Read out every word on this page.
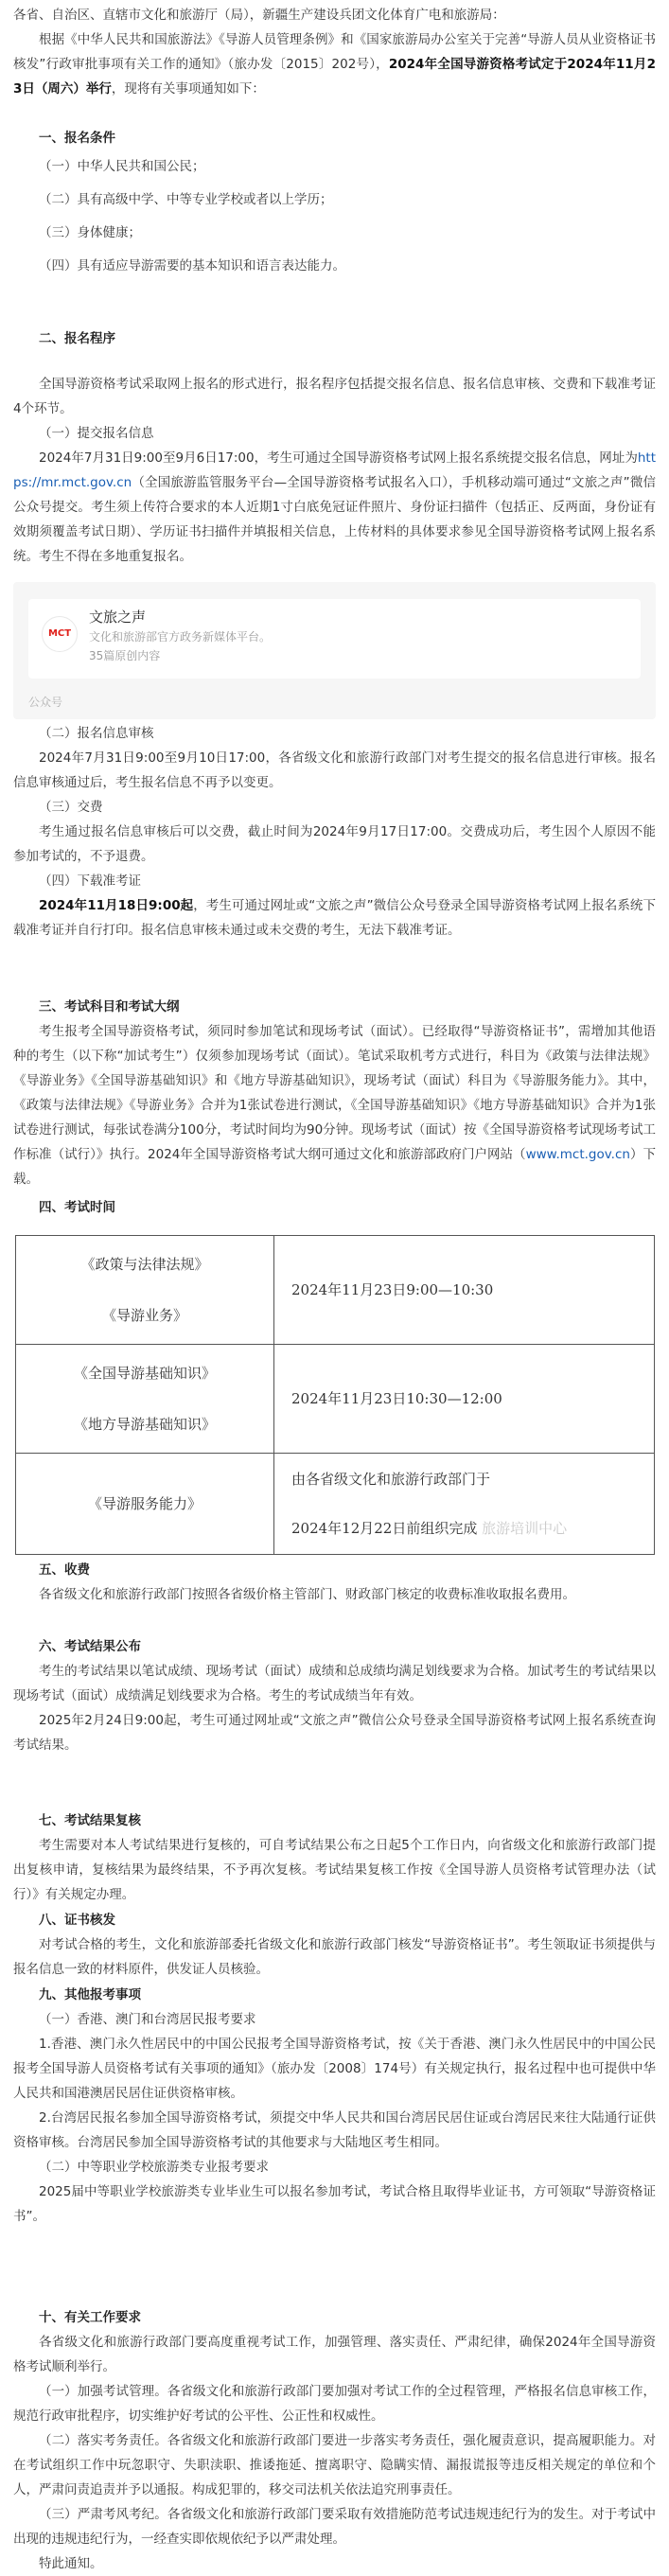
各省、自治区、直辖市文化和旅游厅（局），新疆生产建设兵团文化体育广电和旅游局：

根据《中华人民共和国旅游法》《导游人员管理条例》和《国家旅游局办公室关于完善“导游人员从业资格证书核发”行政审批事项有关工作的通知》（旅办发〔2015〕202号），2024年全国导游资格考试定于2024年11月23日（周六）举行，现将有关事项通知如下：

一、报名条件

（一）中华人民共和国公民；

（二）具有高级中学、中等专业学校或者以上学历；

（三）身体健康；

（四）具有适应导游需要的基本知识和语言表达能力。

二、报名程序

全国导游资格考试采取网上报名的形式进行，报名程序包括提交报名信息、报名信息审核、交费和下载准考证4个环节。

（一）提交报名信息

2024年7月31日9:00至9月6日17:00，考生可通过全国导游资格考试网上报名系统提交报名信息，网址为https://mr.mct.gov.cn（全国旅游监管服务平台—全国导游资格考试报名入口），手机移动端可通过“文旅之声”微信公众号提交。考生须上传符合要求的本人近期1寸白底免冠证件照片、身份证扫描件（包括正、反两面，身份证有效期须覆盖考试日期）、学历证书扫描件并填报相关信息，上传材料的具体要求参见全国导游资格考试网上报名系统。考生不得在多地重复报名。

MCT
文旅之声
文化和旅游部官方政务新媒体平台。
35篇原创内容
公众号

（二）报名信息审核

2024年7月31日9:00至9月10日17:00，各省级文化和旅游行政部门对考生提交的报名信息进行审核。报名信息审核通过后，考生报名信息不再予以变更。

（三）交费

考生通过报名信息审核后可以交费，截止时间为2024年9月17日17:00。交费成功后，考生因个人原因不能参加考试的，不予退费。

（四）下载准考证

2024年11月18日9:00起，考生可通过网址或“文旅之声”微信公众号登录全国导游资格考试网上报名系统下载准考证并自行打印。报名信息审核未通过或未交费的考生，无法下载准考证。

三、考试科目和考试大纲

考生报考全国导游资格考试，须同时参加笔试和现场考试（面试）。已经取得“导游资格证书”，需增加其他语种的考生（以下称“加试考生”）仅须参加现场考试（面试）。笔试采取机考方式进行，科目为《政策与法律法规》《导游业务》《全国导游基础知识》和《地方导游基础知识》，现场考试（面试）科目为《导游服务能力》。其中，《政策与法律法规》《导游业务》合并为1张试卷进行测试，《全国导游基础知识》《地方导游基础知识》合并为1张试卷进行测试，每张试卷满分100分，考试时间均为90分钟。现场考试（面试）按《全国导游资格考试现场考试工作标准（试行）》执行。2024年全国导游资格考试大纲可通过文化和旅游部政府门户网站（www.mct.gov.cn）下载。

四、考试时间

《政策与法律法规》
《导游业务》	2024年11月23日9:00—10:30

《全国导游基础知识》
《地方导游基础知识》	2024年11月23日10:30—12:00
《导游服务能力》	由各省级文化和旅游行政部门于
2024年12月22日前组织完成 旅游培训中心

五、收费

各省级文化和旅游行政部门按照各省级价格主管部门、财政部门核定的收费标准收取报名费用。

六、考试结果公布

考生的考试结果以笔试成绩、现场考试（面试）成绩和总成绩均满足划线要求为合格。加试考生的考试结果以现场考试（面试）成绩满足划线要求为合格。考生的考试成绩当年有效。

2025年2月24日9:00起，考生可通过网址或“文旅之声”微信公众号登录全国导游资格考试网上报名系统查询考试结果。

七、考试结果复核

考生需要对本人考试结果进行复核的，可自考试结果公布之日起5个工作日内，向省级文化和旅游行政部门提出复核申请，复核结果为最终结果，不予再次复核。考试结果复核工作按《全国导游人员资格考试管理办法（试行）》有关规定办理。

八、证书核发

对考试合格的考生，文化和旅游部委托省级文化和旅游行政部门核发“导游资格证书”。考生领取证书须提供与报名信息一致的材料原件，供发证人员核验。

九、其他报考事项

（一）香港、澳门和台湾居民报考要求

1.香港、澳门永久性居民中的中国公民报考全国导游资格考试，按《关于香港、澳门永久性居民中的中国公民报考全国导游人员资格考试有关事项的通知》（旅办发〔2008〕174号）有关规定执行，报名过程中也可提供中华人民共和国港澳居民居住证供资格审核。

2.台湾居民报名参加全国导游资格考试，须提交中华人民共和国台湾居民居住证或台湾居民来往大陆通行证供资格审核。台湾居民参加全国导游资格考试的其他要求与大陆地区考生相同。

（二）中等职业学校旅游类专业报考要求

2025届中等职业学校旅游类专业毕业生可以报名参加考试，考试合格且取得毕业证书，方可领取“导游资格证书”。

十、有关工作要求

各省级文化和旅游行政部门要高度重视考试工作，加强管理、落实责任、严肃纪律，确保2024年全国导游资格考试顺利举行。

（一）加强考试管理。各省级文化和旅游行政部门要加强对考试工作的全过程管理，严格报名信息审核工作，规范行政审批程序，切实维护好考试的公平性、公正性和权威性。

（二）落实考务责任。各省级文化和旅游行政部门要进一步落实考务责任，强化履责意识，提高履职能力。对在考试组织工作中玩忽职守、失职渎职、推诿拖延、擅离职守、隐瞒实情、漏报谎报等违反相关规定的单位和个人，严肃问责追责并予以通报。构成犯罪的，移交司法机关依法追究刑事责任。

（三）严肃考风考纪。各省级文化和旅游行政部门要采取有效措施防范考试违规违纪行为的发生。对于考试中出现的违规违纪行为，一经查实即依规依纪予以严肃处理。

特此通知。
